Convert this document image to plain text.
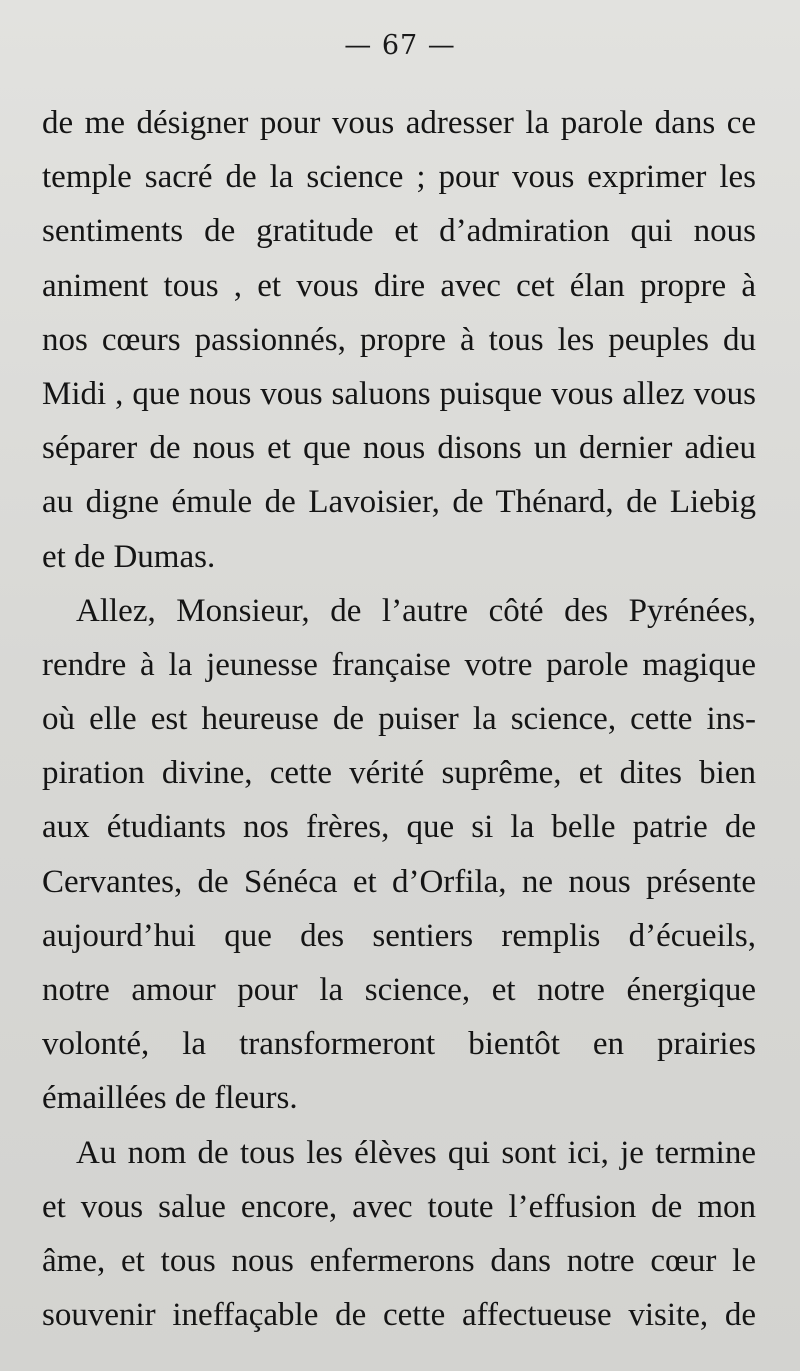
— 67 —
de me désigner pour vous adresser la parole dans ce
temple sacré de la science ; pour vous exprimer les
sentiments de gratitude et d’admiration qui nous
animent tous , et vous dire avec cet élan propre à
nos cœurs passionnés, propre à tous les peuples du
Midi , que nous vous saluons puisque vous allez vous
séparer de nous et que nous disons un dernier adieu
au digne émule de Lavoisier, de Thénard, de Liebig
et de Dumas.
Allez, Monsieur, de l’autre côté des Pyrénées,
rendre à la jeunesse française votre parole magique
où elle est heureuse de puiser la science, cette ins-
piration divine, cette vérité suprême, et dites bien
aux étudiants nos frères, que si la belle patrie de
Cervantes, de Sénéca et d’Orfila, ne nous présente
aujourd’hui que des sentiers remplis d’écueils,
notre amour pour la science, et notre énergique
volonté, la transformeront bientôt en prairies
émaillées de fleurs.
Au nom de tous les élèves qui sont ici, je termine
et vous salue encore, avec toute l’effusion de mon
âme, et tous nous enfermerons dans notre cœur le
souvenir ineffaçable de cette affectueuse visite, de
